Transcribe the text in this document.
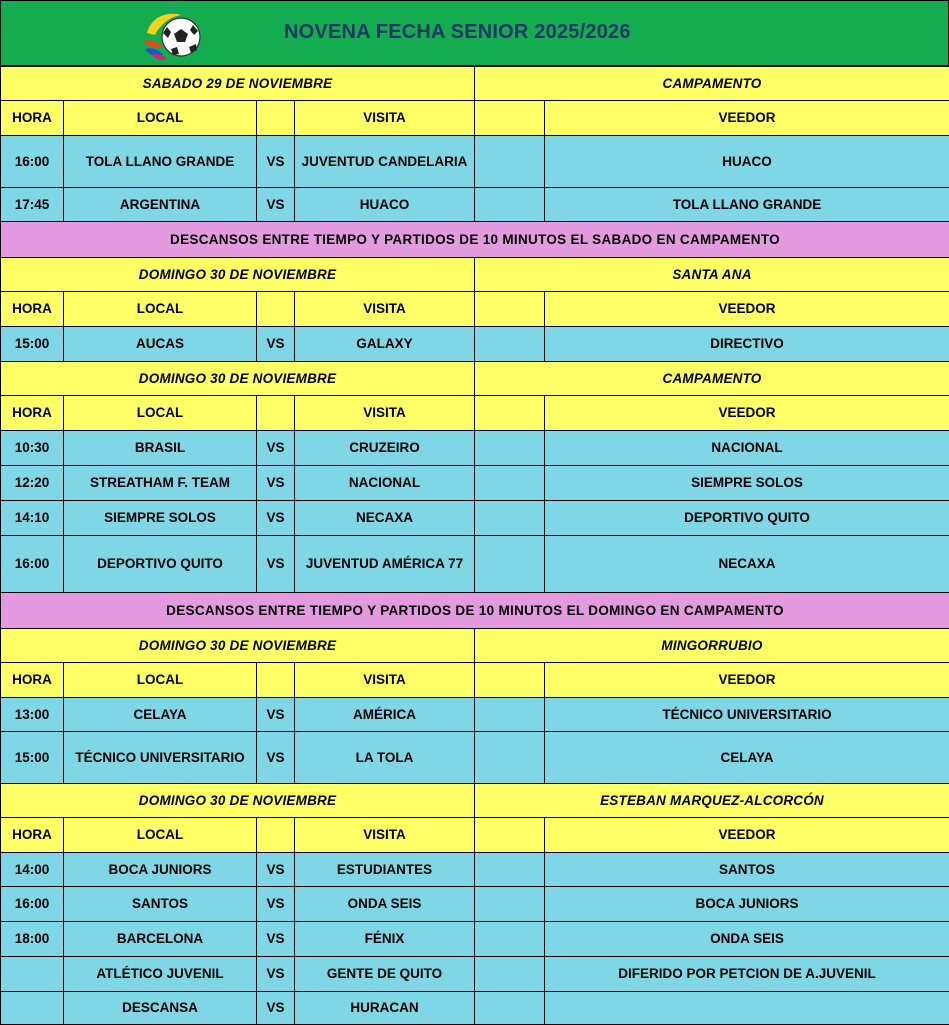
NOVENA FECHA SENIOR 2025/2026
SABADO 29 DE NOVIEMBRE				CAMPAMENTO	
HORA	LOCAL		VISITA		VEEDOR
16:00	TOLA LLANO GRANDE	VS	JUVENTUD CANDELARIA		HUACO
17:45	ARGENTINA	VS	HUACO		TOLA LLANO GRANDE
DESCANSOS ENTRE TIEMPO Y PARTIDOS DE 10 MINUTOS EL SABADO EN CAMPAMENTO					
DOMINGO 30 DE NOVIEMBRE				SANTA ANA	
HORA	LOCAL		VISITA		VEEDOR
15:00	AUCAS	VS	GALAXY		DIRECTIVO
DOMINGO 30 DE NOVIEMBRE				CAMPAMENTO	
HORA	LOCAL		VISITA		VEEDOR
10:30	BRASIL	VS	CRUZEIRO		NACIONAL
12:20	STREATHAM F. TEAM	VS	NACIONAL		SIEMPRE SOLOS
14:10	SIEMPRE SOLOS	VS	NECAXA		DEPORTIVO QUITO
16:00	DEPORTIVO QUITO	VS	JUVENTUD AMÉRICA 77		NECAXA
DESCANSOS ENTRE TIEMPO Y PARTIDOS DE 10 MINUTOS EL DOMINGO EN CAMPAMENTO					
DOMINGO 30 DE NOVIEMBRE				MINGORRUBIO	
HORA	LOCAL		VISITA		VEEDOR
13:00	CELAYA	VS	AMÉRICA		TÉCNICO UNIVERSITARIO
15:00	TÉCNICO UNIVERSITARIO	VS	LA TOLA		CELAYA
DOMINGO 30 DE NOVIEMBRE				ESTEBAN MARQUEZ-ALCORCÓN	
HORA	LOCAL		VISITA		VEEDOR
14:00	BOCA JUNIORS	VS	ESTUDIANTES		SANTOS
16:00	SANTOS	VS	ONDA SEIS		BOCA JUNIORS
18:00	BARCELONA	VS	FÉNIX		ONDA SEIS
	ATLÉTICO JUVENIL	VS	GENTE DE QUITO		DIFERIDO POR PETCION DE A.JUVENIL
	DESCANSA	VS	HURACAN		
